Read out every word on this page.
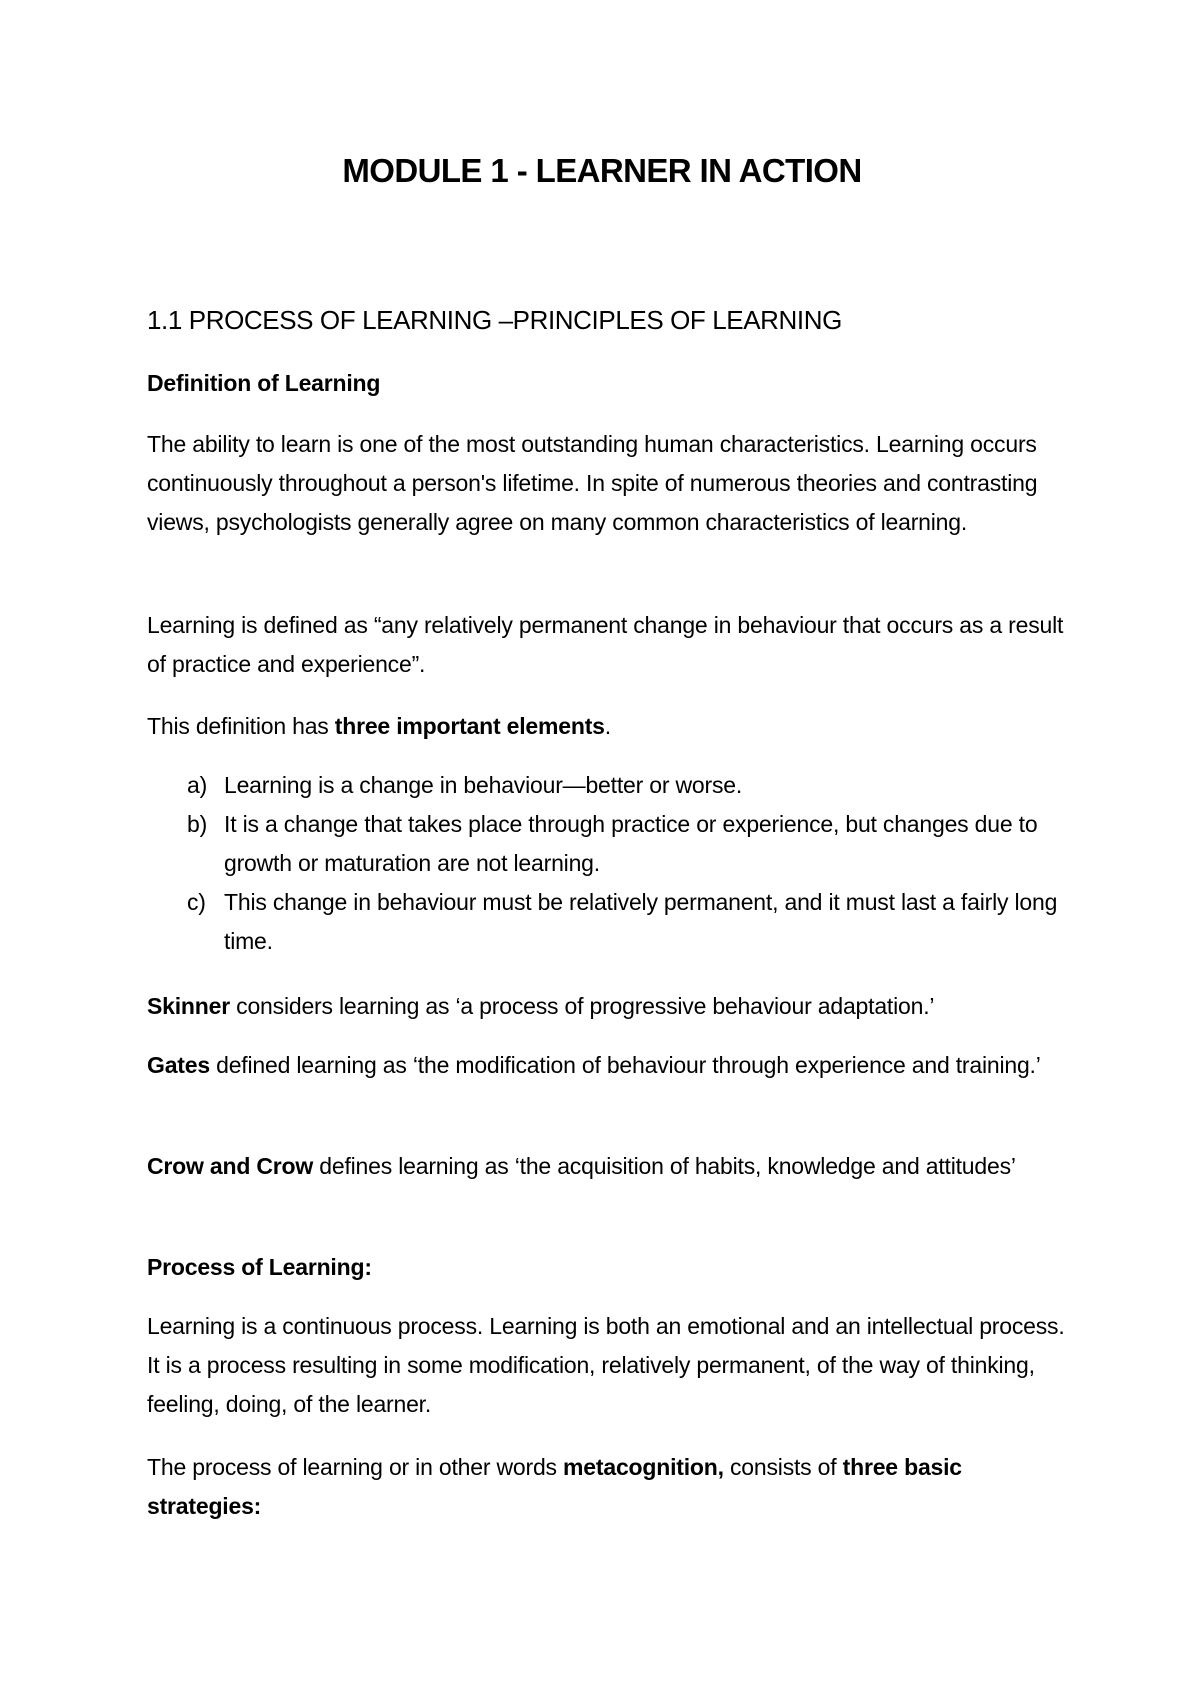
MODULE 1 - LEARNER IN ACTION
1.1 PROCESS OF LEARNING –PRINCIPLES OF LEARNING

Definition of Learning

The ability to learn is one of the most outstanding human characteristics. Learning occurs continuously throughout a person's lifetime. In spite of numerous theories and contrasting views, psychologists generally agree on many common characteristics of learning.

Learning is defined as “any relatively permanent change in behaviour that occurs as a result of practice and experience”.

This definition has three important elements.

a) Learning is a change in behaviour—better or worse.
b) It is a change that takes place through practice or experience, but changes due to growth or maturation are not learning.
c) This change in behaviour must be relatively permanent, and it must last a fairly long time.

Skinner considers learning as ‘a process of progressive behaviour adaptation.’

Gates defined learning as ‘the modification of behaviour through experience and training.’

Crow and Crow defines learning as ‘the acquisition of habits, knowledge and attitudes’

Process of Learning:

Learning is a continuous process. Learning is both an emotional and an intellectual process. It is a process resulting in some modification, relatively permanent, of the way of thinking, feeling, doing, of the learner.

The process of learning or in other words metacognition, consists of three basic strategies:
